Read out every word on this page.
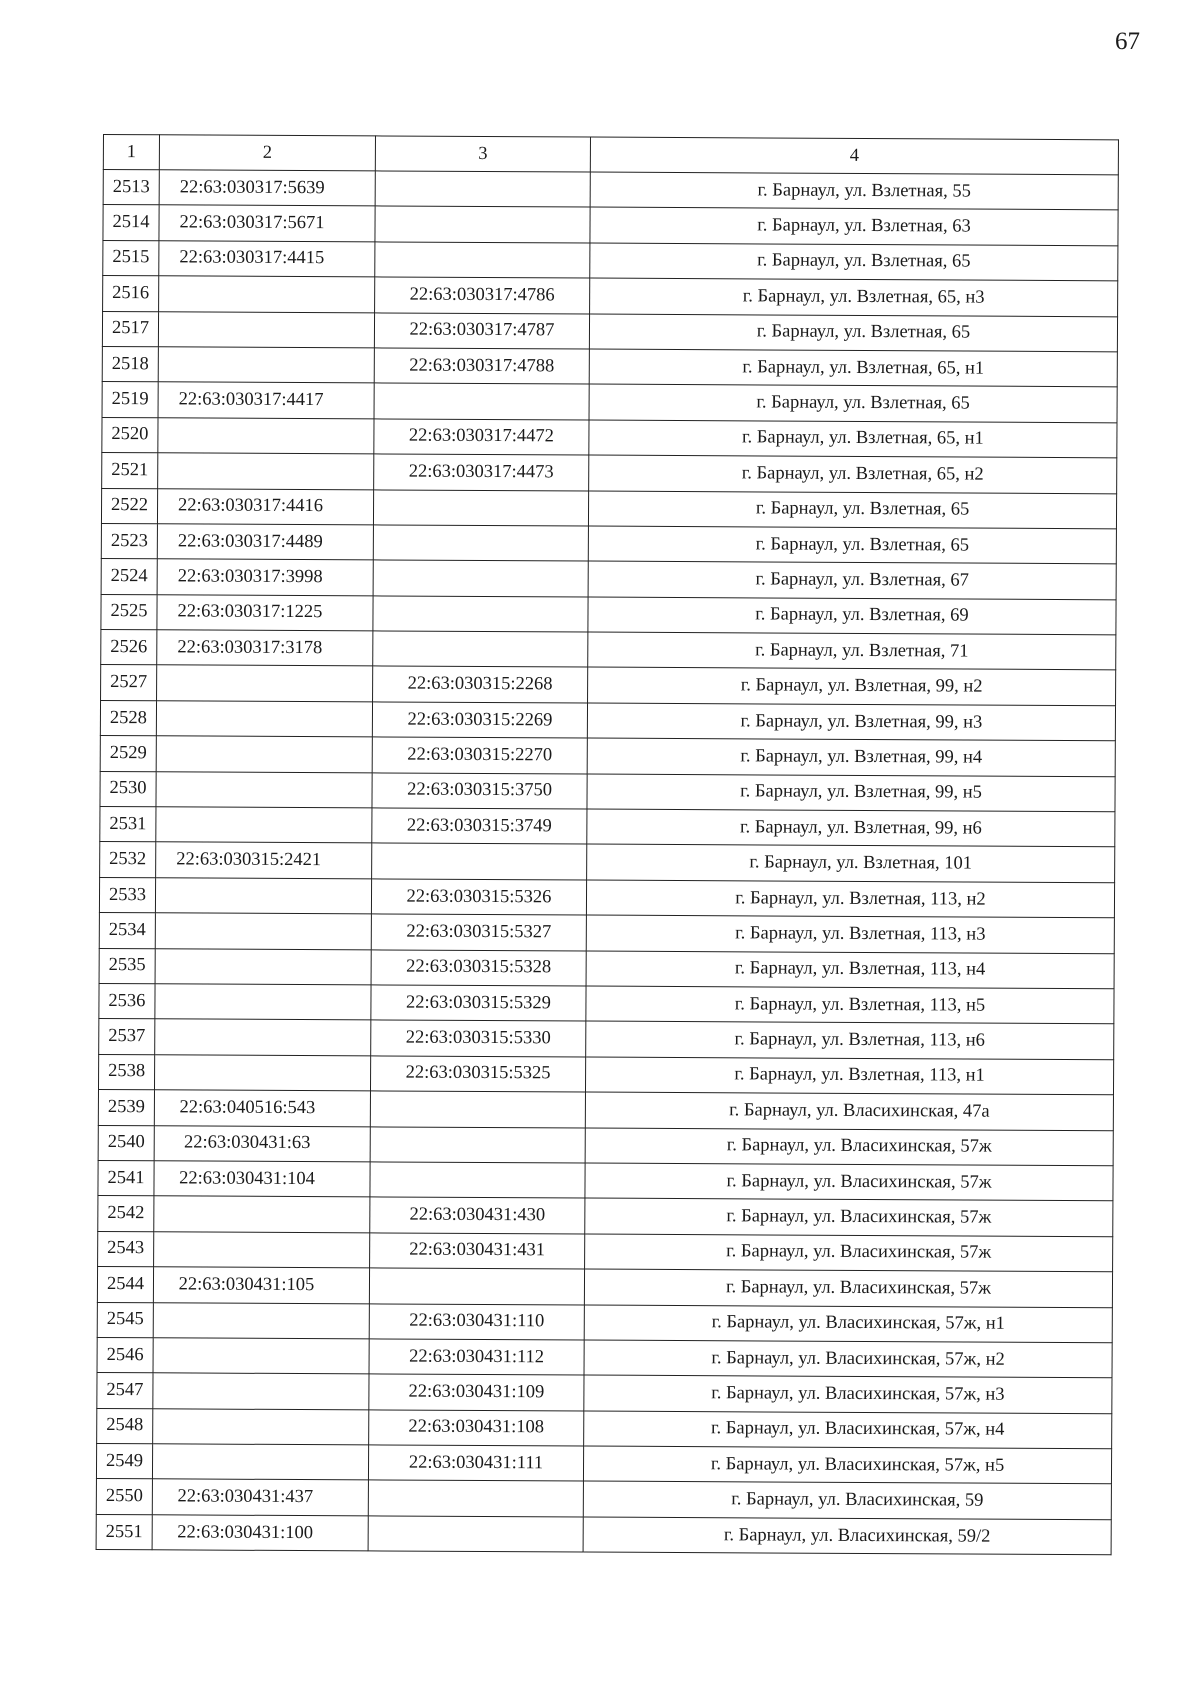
67
1	2	3	4
2513	22:63:030317:5639		г. Барнаул, ул. Взлетная, 55
2514	22:63:030317:5671		г. Барнаул, ул. Взлетная, 63
2515	22:63:030317:4415		г. Барнаул, ул. Взлетная, 65
2516		22:63:030317:4786	г. Барнаул, ул. Взлетная, 65, н3
2517		22:63:030317:4787	г. Барнаул, ул. Взлетная, 65
2518		22:63:030317:4788	г. Барнаул, ул. Взлетная, 65, н1
2519	22:63:030317:4417		г. Барнаул, ул. Взлетная, 65
2520		22:63:030317:4472	г. Барнаул, ул. Взлетная, 65, н1
2521		22:63:030317:4473	г. Барнаул, ул. Взлетная, 65, н2
2522	22:63:030317:4416		г. Барнаул, ул. Взлетная, 65
2523	22:63:030317:4489		г. Барнаул, ул. Взлетная, 65
2524	22:63:030317:3998		г. Барнаул, ул. Взлетная, 67
2525	22:63:030317:1225		г. Барнаул, ул. Взлетная, 69
2526	22:63:030317:3178		г. Барнаул, ул. Взлетная, 71
2527		22:63:030315:2268	г. Барнаул, ул. Взлетная, 99, н2
2528		22:63:030315:2269	г. Барнаул, ул. Взлетная, 99, н3
2529		22:63:030315:2270	г. Барнаул, ул. Взлетная, 99, н4
2530		22:63:030315:3750	г. Барнаул, ул. Взлетная, 99, н5
2531		22:63:030315:3749	г. Барнаул, ул. Взлетная, 99, н6
2532	22:63:030315:2421		г. Барнаул, ул. Взлетная, 101
2533		22:63:030315:5326	г. Барнаул, ул. Взлетная, 113, н2
2534		22:63:030315:5327	г. Барнаул, ул. Взлетная, 113, н3
2535		22:63:030315:5328	г. Барнаул, ул. Взлетная, 113, н4
2536		22:63:030315:5329	г. Барнаул, ул. Взлетная, 113, н5
2537		22:63:030315:5330	г. Барнаул, ул. Взлетная, 113, н6
2538		22:63:030315:5325	г. Барнаул, ул. Взлетная, 113, н1
2539	22:63:040516:543		г. Барнаул, ул. Власихинская, 47а
2540	22:63:030431:63		г. Барнаул, ул. Власихинская, 57ж
2541	22:63:030431:104		г. Барнаул, ул. Власихинская, 57ж
2542		22:63:030431:430	г. Барнаул, ул. Власихинская, 57ж
2543		22:63:030431:431	г. Барнаул, ул. Власихинская, 57ж
2544	22:63:030431:105		г. Барнаул, ул. Власихинская, 57ж
2545		22:63:030431:110	г. Барнаул, ул. Власихинская, 57ж, н1
2546		22:63:030431:112	г. Барнаул, ул. Власихинская, 57ж, н2
2547		22:63:030431:109	г. Барнаул, ул. Власихинская, 57ж, н3
2548		22:63:030431:108	г. Барнаул, ул. Власихинская, 57ж, н4
2549		22:63:030431:111	г. Барнаул, ул. Власихинская, 57ж, н5
2550	22:63:030431:437		г. Барнаул, ул. Власихинская, 59
2551	22:63:030431:100		г. Барнаул, ул. Власихинская, 59/2
